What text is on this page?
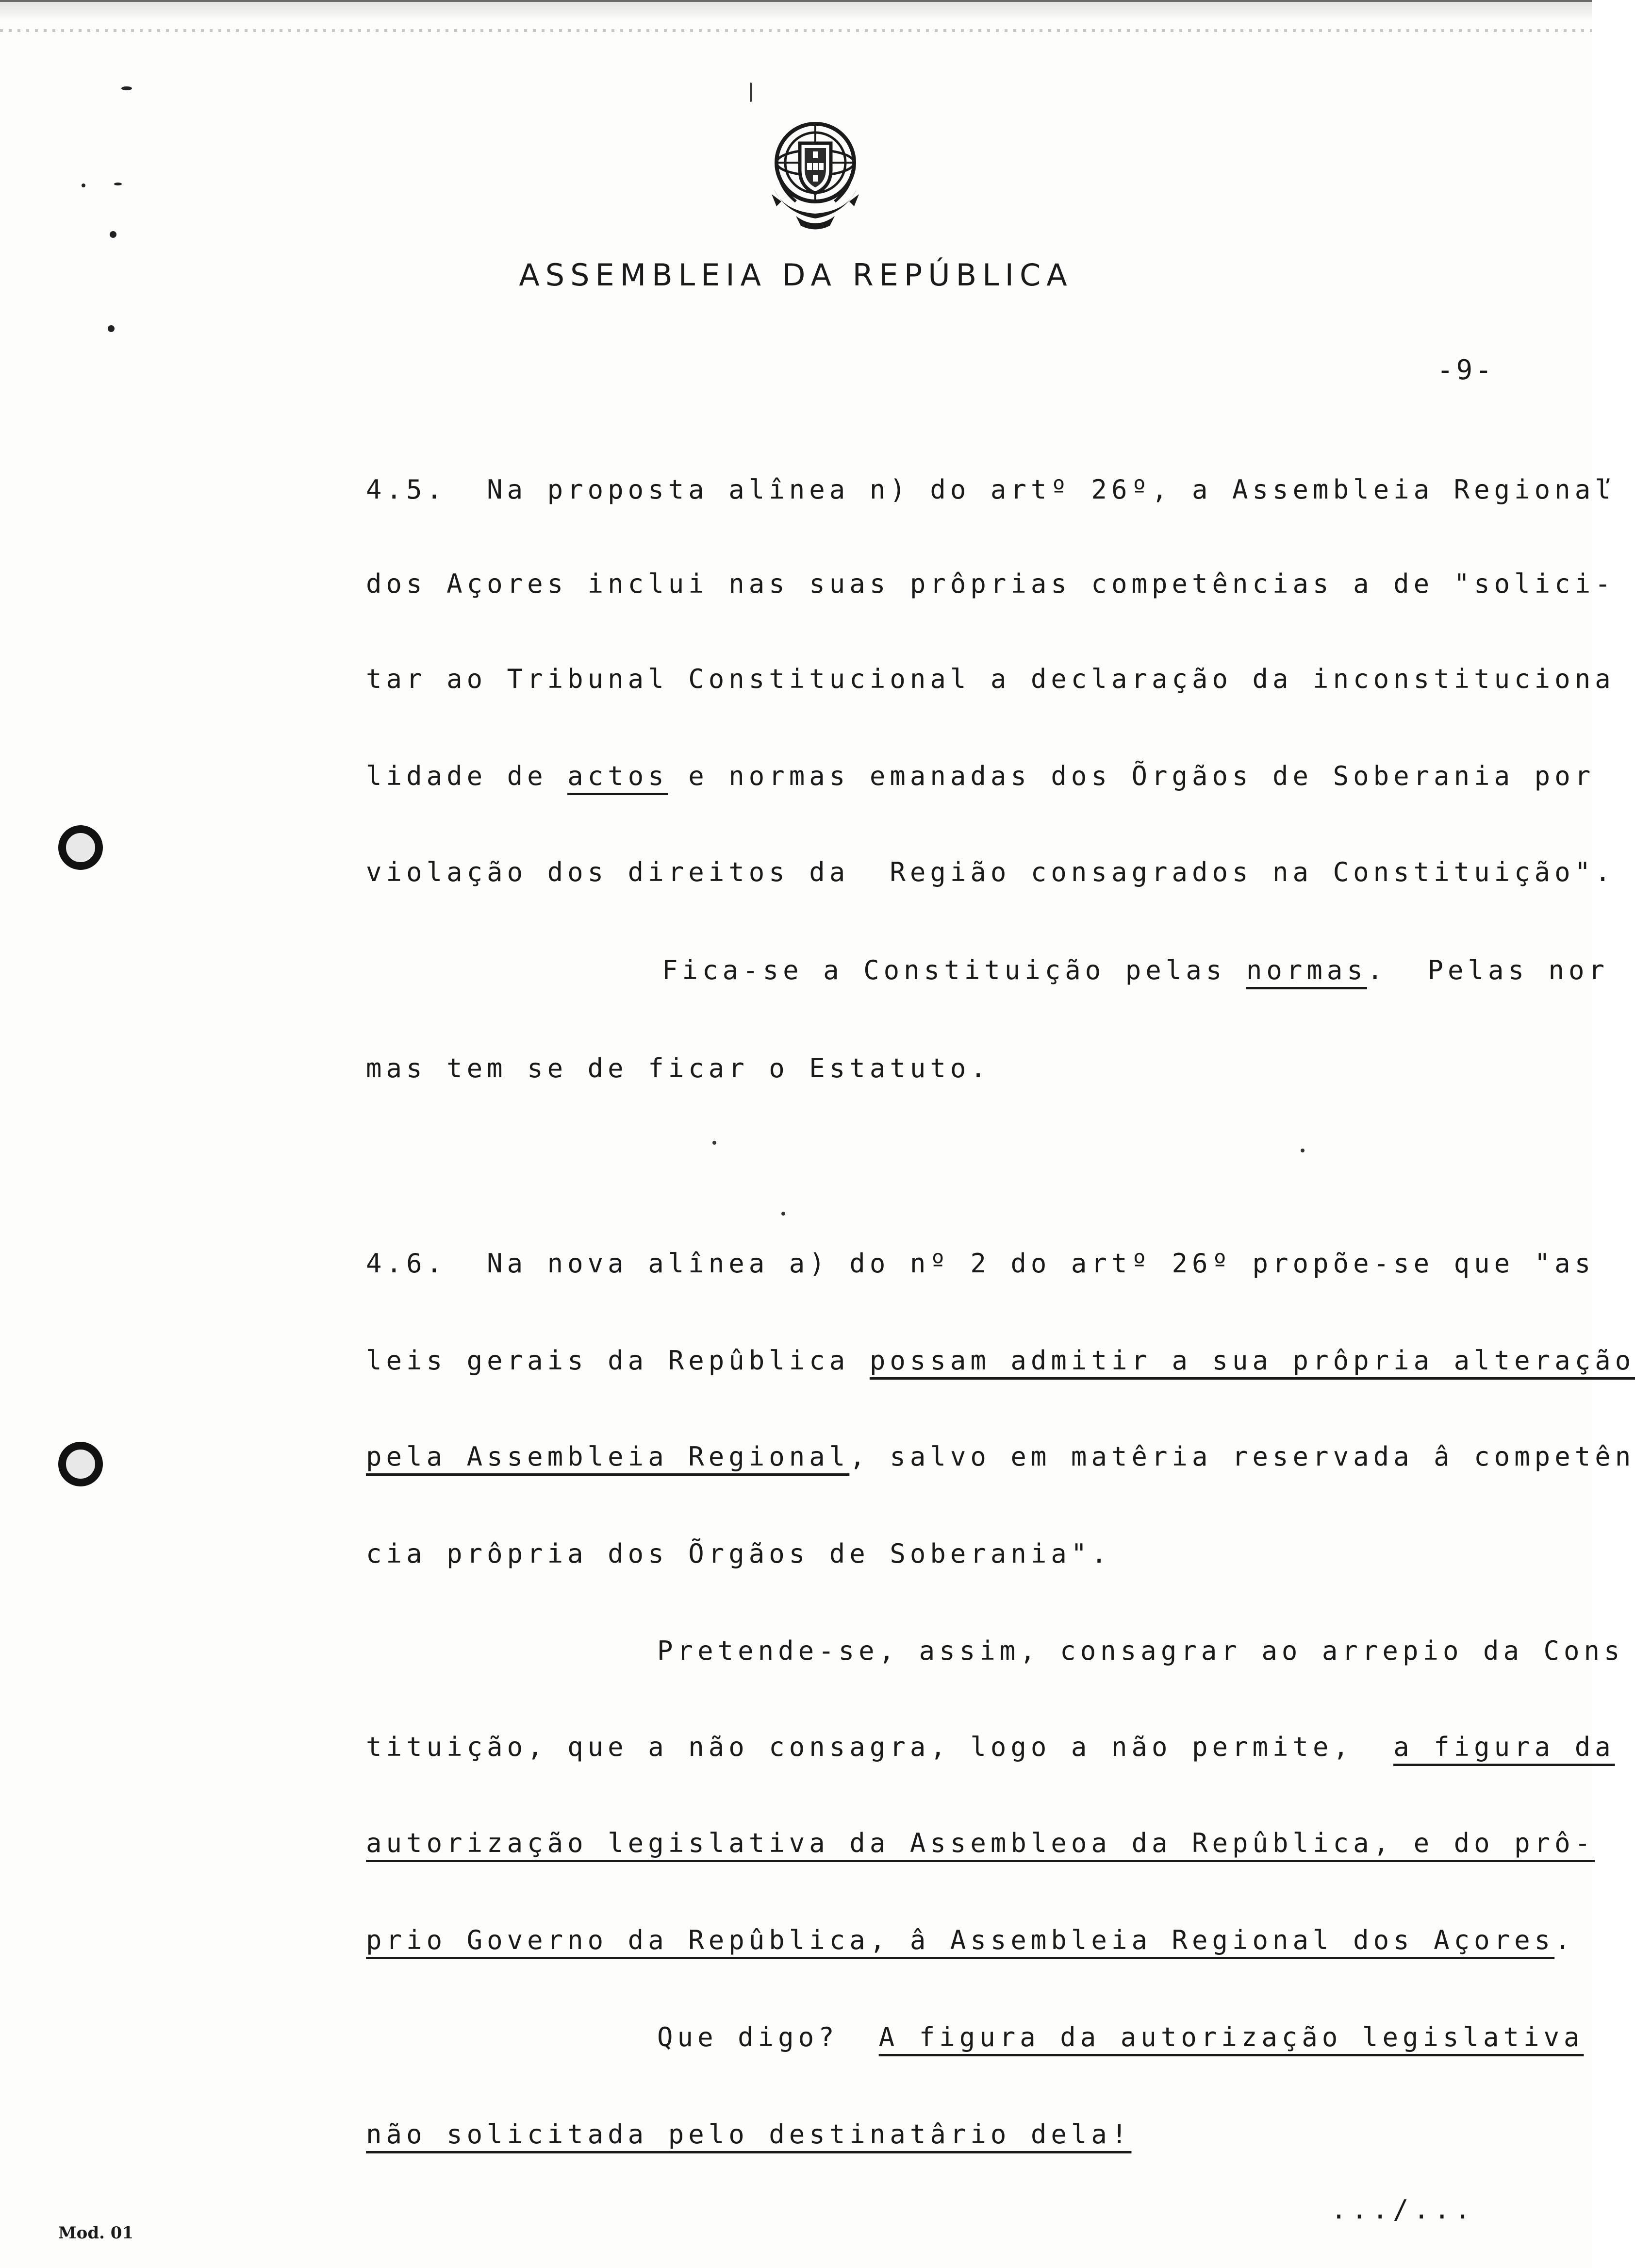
ASSEMBLEIA DA REPÚBLICA
-9-

4.5.  Na proposta alînea n) do artº 26º, a Assembleia Regionaľ

dos Açores inclui nas suas prôprias competências a de "solici-

tar ao Tribunal Constitucional a declaração da inconstituciona

lidade de actos e normas emanadas dos Õrgãos de Soberania por

violação dos direitos da  Região consagrados na Constituição".

Fica-se a Constituição pelas normas.  Pelas nor

mas tem se de ficar o Estatuto.

4.6.  Na nova alînea a) do nº 2 do artº 26º propõe-se que "as

leis gerais da Repûblica possam admitir a sua prôpria alteração

pela Assembleia Regional, salvo em matêria reservada â competên

cia prôpria dos Õrgãos de Soberania".

Pretende-se, assim, consagrar ao arrepio da Cons

tituição, que a não consagra, logo a não permite,  a figura da

autorização legislativa da Assembleoa da Repûblica, e do prô-

prio Governo da Repûblica, â Assembleia Regional dos Açores.

Que digo?  A figura da autorização legislativa

não solicitada pelo destinatârio dela!

.../...
Mod. 01
